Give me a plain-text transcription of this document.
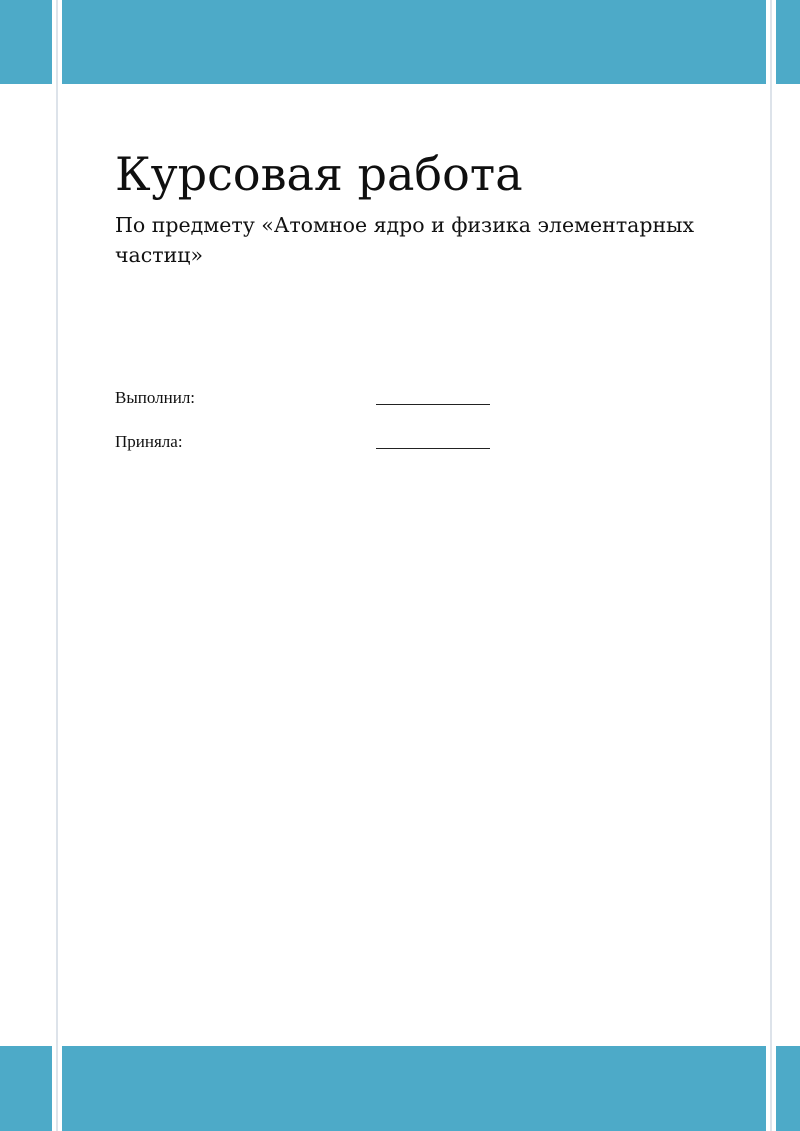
Курсовая работа

По предмету «Атомное ядро и физика элементарных частиц»

Выполнил:
Приняла:
